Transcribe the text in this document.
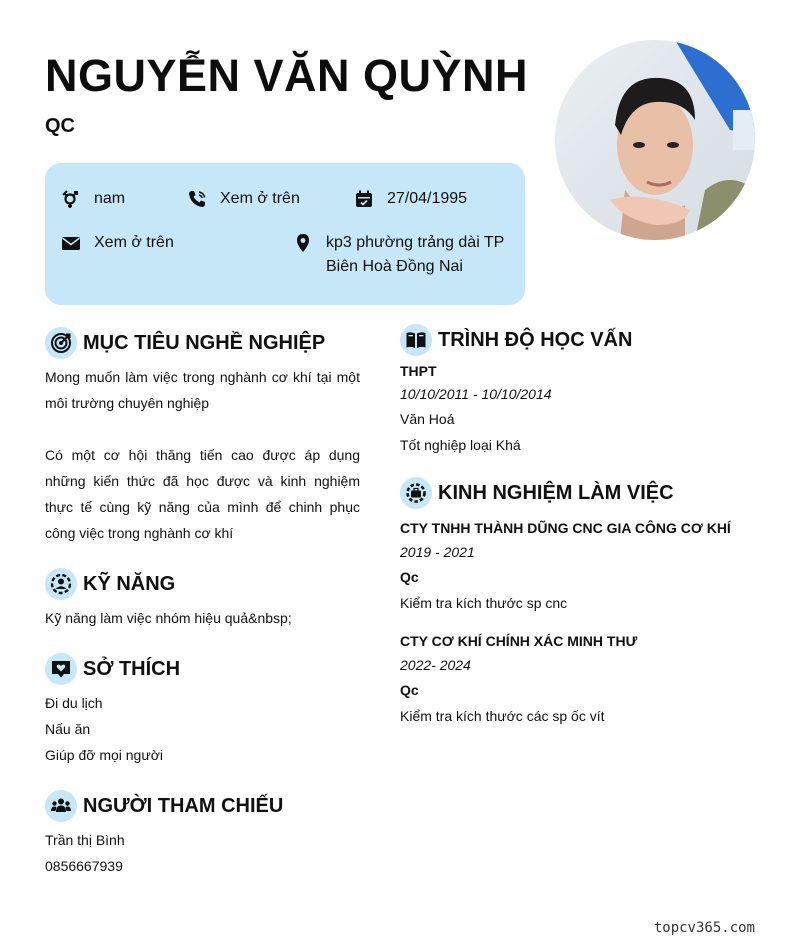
NGUYỄN VĂN QUỲNH
QC
nam	Xem ở trên	27/04/1995
Xem ở trên	kp3 phường trảng dài TP
Biên Hoà Đồng Nai
MỤC TIÊU NGHỀ NGHIỆP
Mong muốn làm việc trong nghành cơ khí tại một môi trường chuyên nghiệp
Có một cơ hội thăng tiến cao được áp dụng những kiến thức đã học được và kinh nghiệm thực tế cùng kỹ năng của mình để chinh phục công việc trong nghành cơ khí
KỸ NĂNG
Kỹ năng làm việc nhóm hiệu quả&nbsp;
SỞ THÍCH
Đi du lịch
Nấu ăn
Giúp đỡ mọi người
NGƯỜI THAM CHIẾU
Trần thị Bình
0856667939
TRÌNH ĐỘ HỌC VẤN
THPT
10/10/2011 - 10/10/2014
Văn Hoá
Tốt nghiệp loại Khá
KINH NGHIỆM LÀM VIỆC
CTY TNHH THÀNH DŨNG CNC GIA CÔNG CƠ KHÍ
2019 - 2021
Qc
Kiểm tra kích thước sp cnc
CTY CƠ KHÍ CHÍNH XÁC MINH THƯ
2022- 2024
Qc
Kiểm tra kích thước các sp ốc vít
topcv365.com
